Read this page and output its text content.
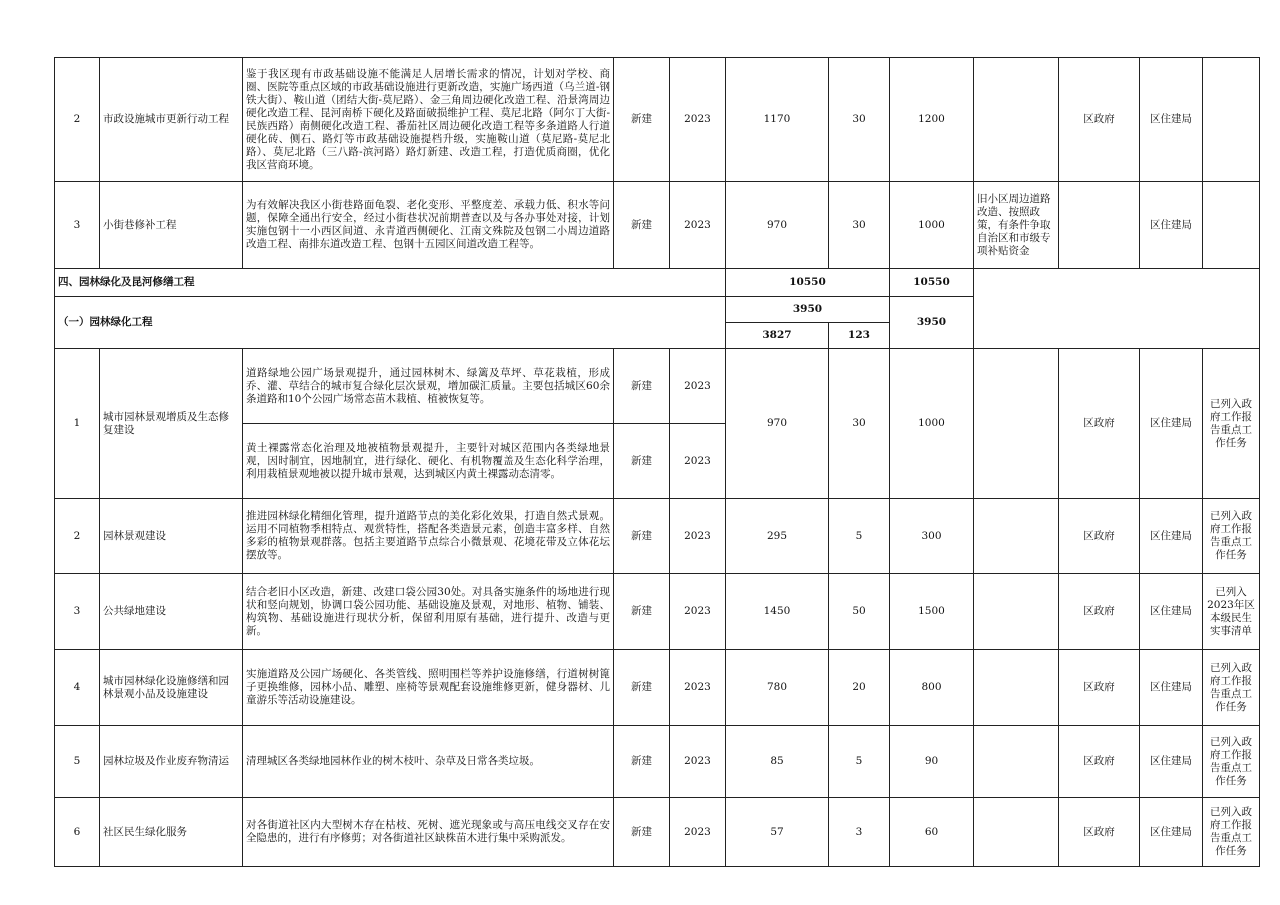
2	市政设施城市更新行动工程	鉴于我区现有市政基础设施不能满足人居增长需求的情况，计划对学校、商圈、医院等重点区域的市政基础设施进行更新改造，实施广场西道（乌兰道-钢铁大街）、鞍山道（团结大街-莫尼路）、金三角周边硬化改造工程、沿景湾周边硬化改造工程、昆河南桥下硬化及路面破损维护工程、莫尼北路（阿尔丁大街-民族西路）南侧硬化改造工程、番茄社区周边硬化改造工程等多条道路人行道硬化砖、侧石、路灯等市政基础设施提档升级，实施鞍山道（莫尼路-莫尼北路）、莫尼北路（三八路-滨河路）路灯新建、改造工程，打造优质商圈，优化我区营商环境。	新建	2023	1170	30	1200		区政府	区住建局	
3	小街巷修补工程	为有效解决我区小街巷路面龟裂、老化变形、平整度差、承载力低、积水等问题，保障全通出行安全，经过小街巷状况前期普查以及与各办事处对接，计划实施包钢十一小西区间道、永青道西侧硬化、江南文殊院及包钢二小周边道路改造工程、南排东道改造工程、包钢十五园区间道改造工程等。	新建	2023	970	30	1000	旧小区周边道路改造、按照政策，有条件争取自治区和市级专项补贴资金		区住建局	
四、园林绿化及昆河修缮工程					10550		10550				
（一）园林绿化工程					3950		3950				
					3827	123					
1	城市园林景观增质及生态修复建设	道路绿地公园广场景观提升，通过园林树木、绿篱及草坪、草花栽植，形成乔、灌、草结合的城市复合绿化层次景观，增加碳汇质量。主要包括城区60余条道路和10个公园广场常态苗木栽植、植被恢复等。	新建	2023	970	30	1000		区政府	区住建局	已列入政府工作报告重点工作任务
		黄土裸露常态化治理及地被植物景观提升，主要针对城区范围内各类绿地景观，因时制宜，因地制宜，进行绿化、硬化、有机物覆盖及生态化科学治理，利用栽植景观地被以提升城市景观，达到城区内黄土裸露动态清零。	新建	2023							
2	园林景观建设	推进园林绿化精细化管理，提升道路节点的美化彩化效果，打造自然式景观。运用不同植物季相特点、观赏特性，搭配各类造景元素，创造丰富多样、自然多彩的植物景观群落。包括主要道路节点综合小微景观、花境花带及立体花坛摆放等。	新建	2023	295	5	300		区政府	区住建局	已列入政府工作报告重点工作任务
3	公共绿地建设	结合老旧小区改造，新建、改建口袋公园30处。对具备实施条件的场地进行现状和竖向规划，协调口袋公园功能、基础设施及景观，对地形、植物、铺装、构筑物、基础设施进行现状分析，保留利用原有基础，进行提升、改造与更新。	新建	2023	1450	50	1500		区政府	区住建局	已列入2023年区本级民生实事清单
4	城市园林绿化设施修缮和园林景观小品及设施建设	实施道路及公园广场硬化、各类管线、照明围栏等养护设施修缮，行道树树篦子更换维修，园林小品、雕塑、座椅等景观配套设施维修更新，健身器材、儿童游乐等活动设施建设。	新建	2023	780	20	800		区政府	区住建局	已列入政府工作报告重点工作任务
5	园林垃圾及作业废弃物清运	清理城区各类绿地园林作业的树木枝叶、杂草及日常各类垃圾。	新建	2023	85	5	90		区政府	区住建局	已列入政府工作报告重点工作任务
6	社区民生绿化服务	对各街道社区内大型树木存在枯枝、死树、遮光现象或与高压电线交叉存在安全隐患的，进行有序修剪；对各街道社区缺株苗木进行集中采购派发。	新建	2023	57	3	60		区政府	区住建局	已列入政府工作报告重点工作任务
